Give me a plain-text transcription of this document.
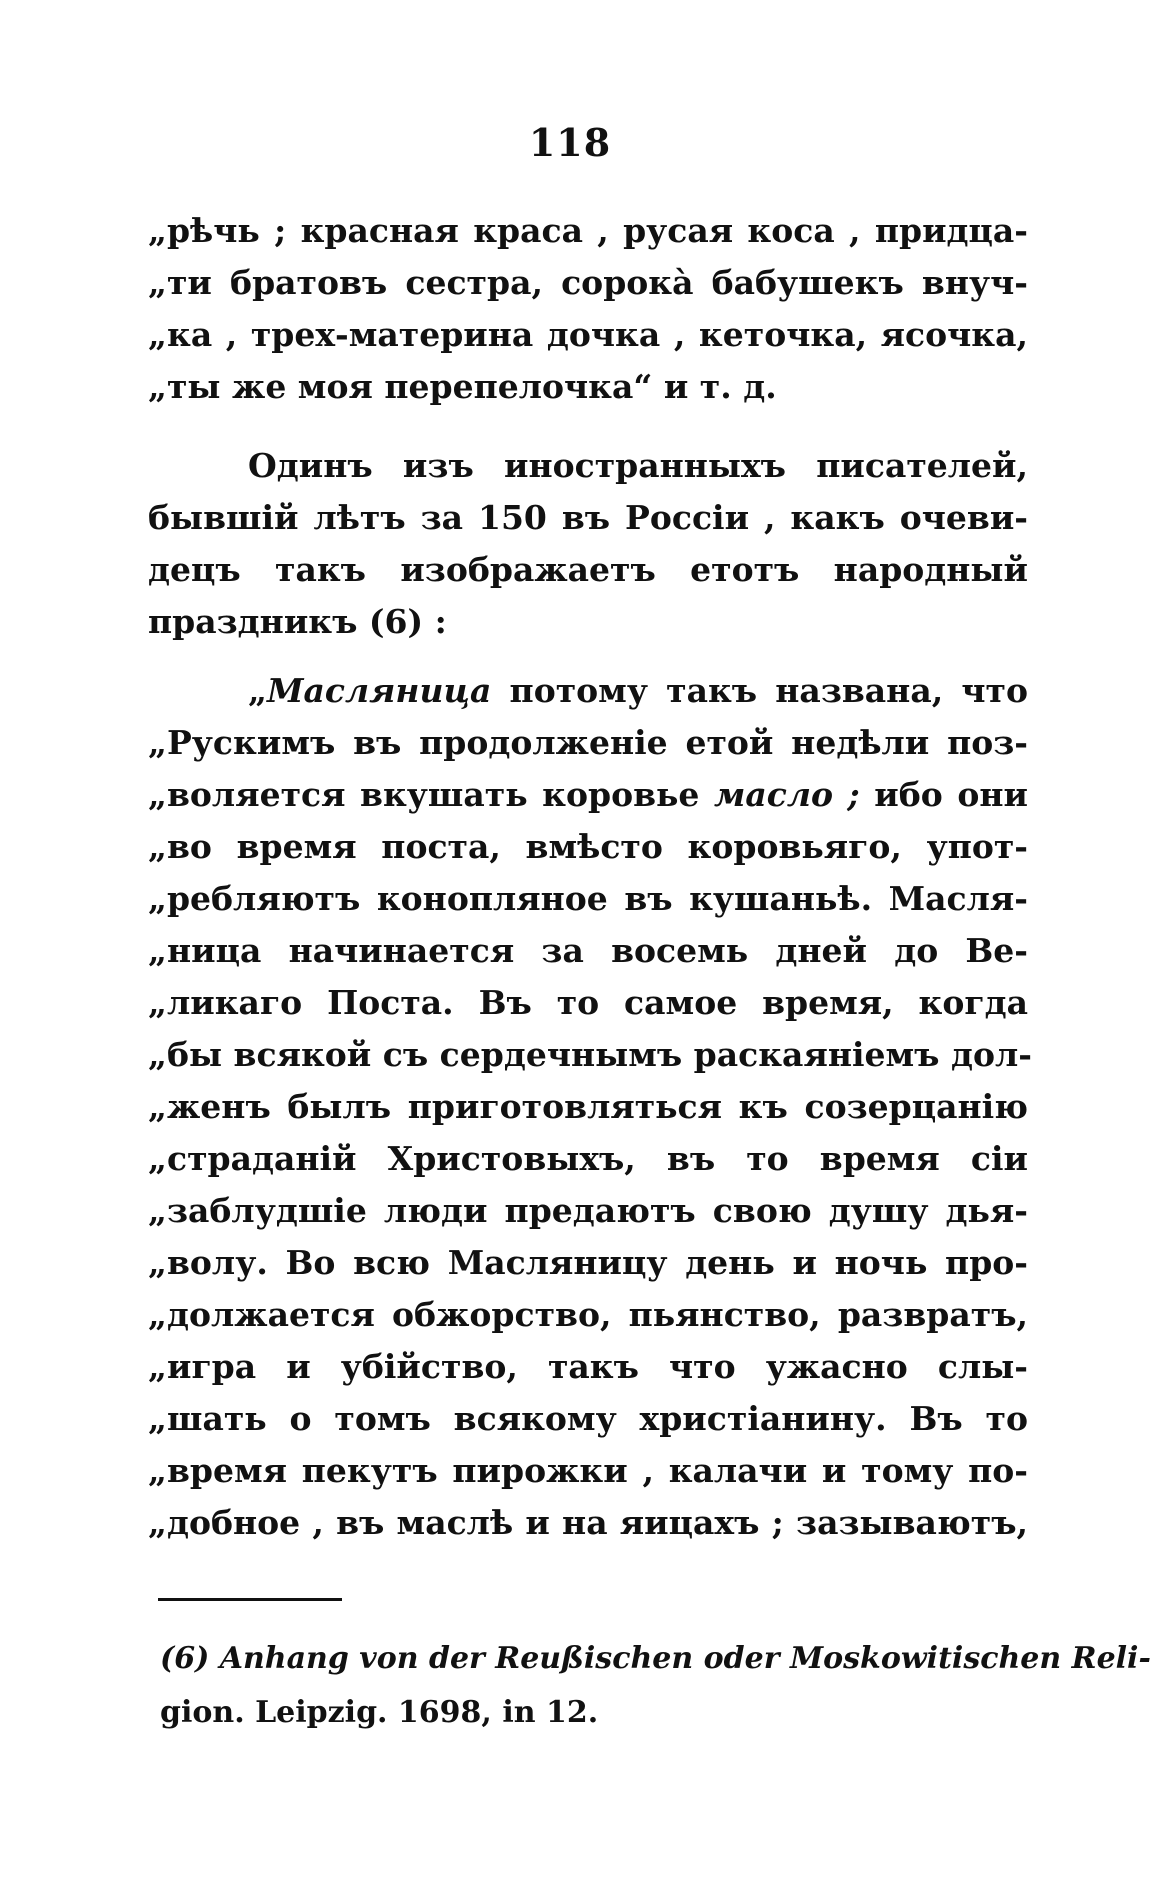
118
„рѣчь ; красная краса , русая коса , придца-
„ти братовъ сестра, сорокà бабушекъ внуч-
„ка , трех-материна дочка , кеточка, ясочка,
„ты же моя перепелочка“ и т. д.
Одинъ изъ иностранныхъ писателей,
бывшій лѣтъ за 150 въ Россіи , какъ очеви-
децъ такъ изображаетъ етотъ народный
праздникъ (6) :
„Масляница потому такъ названа, что
„Рускимъ въ продолженіе етой недѣли поз-
„воляется вкушать коровье масло ; ибо они
„во время поста, вмѣсто коровьяго, упот-
„ребляютъ конопляное въ кушаньѣ. Масля-
„ница начинается за восемь дней до Ве-
„ликаго Поста. Въ то самое время, когда
„бы всякой съ сердечнымъ раскаяніемъ дол-
„женъ былъ приготовляться къ созерцанію
„страданій Христовыхъ, въ то время сіи
„заблудшіе люди предаютъ свою душу дья-
„волу. Во всю Масляницу день и ночь про-
„должается обжорство, пьянство, развратъ,
„игра и убійство, такъ что ужасно слы-
„шать о томъ всякому христіанину. Въ то
„время пекутъ пирожки , калачи и тому по-
„добное , въ маслѣ и на яицахъ ; зазываютъ,
(6) Anhang von der Reußischen oder Moskowitischen Reli-
gion. Leipzig. 1698, in 12.
